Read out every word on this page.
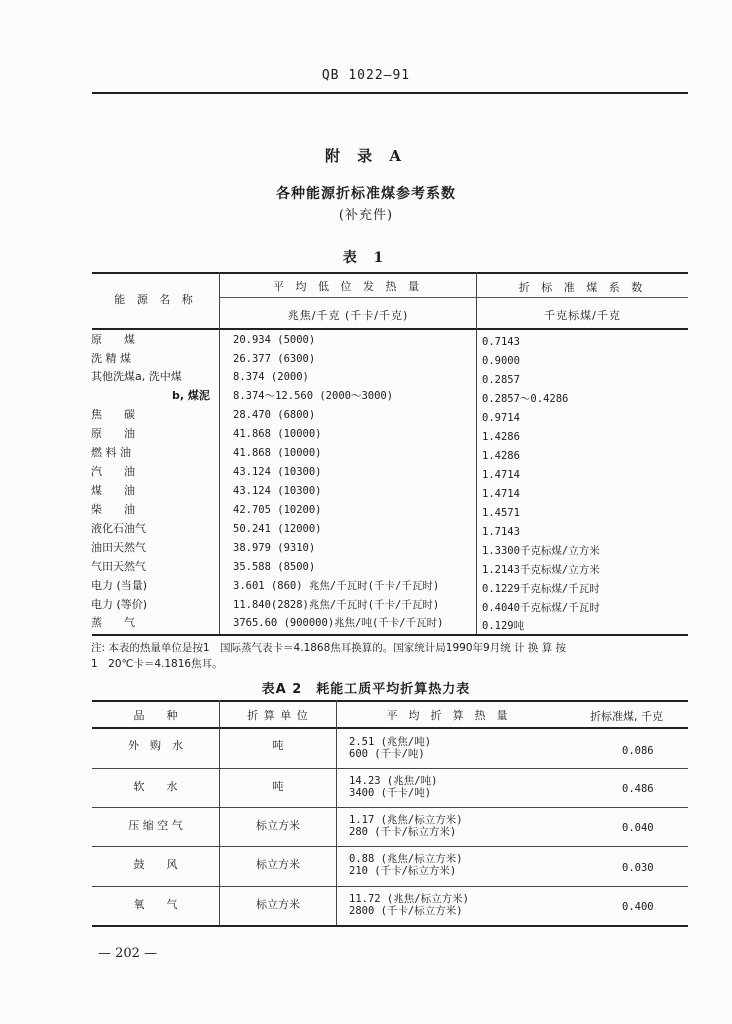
QB 1022—91
附 录 A
各种能源折标准煤参考系数
(补充件)
表 1
能 源 名 称
平 均 低 位 发 热 量
兆焦/千克 (千卡/千克)
折 标 准 煤 系 数
千克标煤/千克
原　　煤	20.934 (5000)	0.7143
洗 精 煤	26.377 (6300)	0.9000
其他洗煤a, 洗中煤	8.374 (2000)	0.2857
b, 煤泥	8.374～12.560 (2000～3000)	0.2857～0.4286
焦　　碳	28.470 (6800)	0.9714
原　　油	41.868 (10000)	1.4286
燃 料 油	41.868 (10000)	1.4286
汽　　油	43.124 (10300)	1.4714
煤　　油	43.124 (10300)	1.4714
柴　　油	42.705 (10200)	1.4571
液化石油气	50.241 (12000)	1.7143
油田天然气	38.979 (9310)	1.3300千克标煤/立方米
气田天然气	35.588 (8500)	1.2143千克标煤/立方米
电力 (当量)	3.601 (860) 兆焦/千瓦时(千卡/千瓦时)	0.1229千克标煤/千瓦时
电力 (等价)	11.840(2828)兆焦/千瓦时(千卡/千瓦时)	0.4040千克标煤/千瓦时
蒸　　气	3765.60 (900000)兆焦/吨(千卡/千瓦时)	0.129吨
注: 本表的热量单位是按1　国际蒸气表卡＝4.1868焦耳换算的。国家统计局1990年9月统 计 换 算 按
1　20℃卡＝4.1816焦耳。
表A 2　耗能工质平均折算热力表
品　　种	折 算 单 位	平　均　折　算　热　量	折标准煤, 千克
外　购　水	吨	2.51 (兆焦/吨)
600 (千卡/吨)	0.086
软　　水	吨	14.23 (兆焦/吨)
3400 (千卡/吨)	0.486
压 缩 空 气	标立方米	1.17 (兆焦/标立方米)
280 (千卡/标立方米)	0.040
鼓　　风	标立方米	0.88 (兆焦/标立方米)
210 (千卡/标立方米)	0.030
氧　　气	标立方米	11.72 (兆焦/标立方米)
2800 (千卡/标立方米)	0.400
— 202 —
